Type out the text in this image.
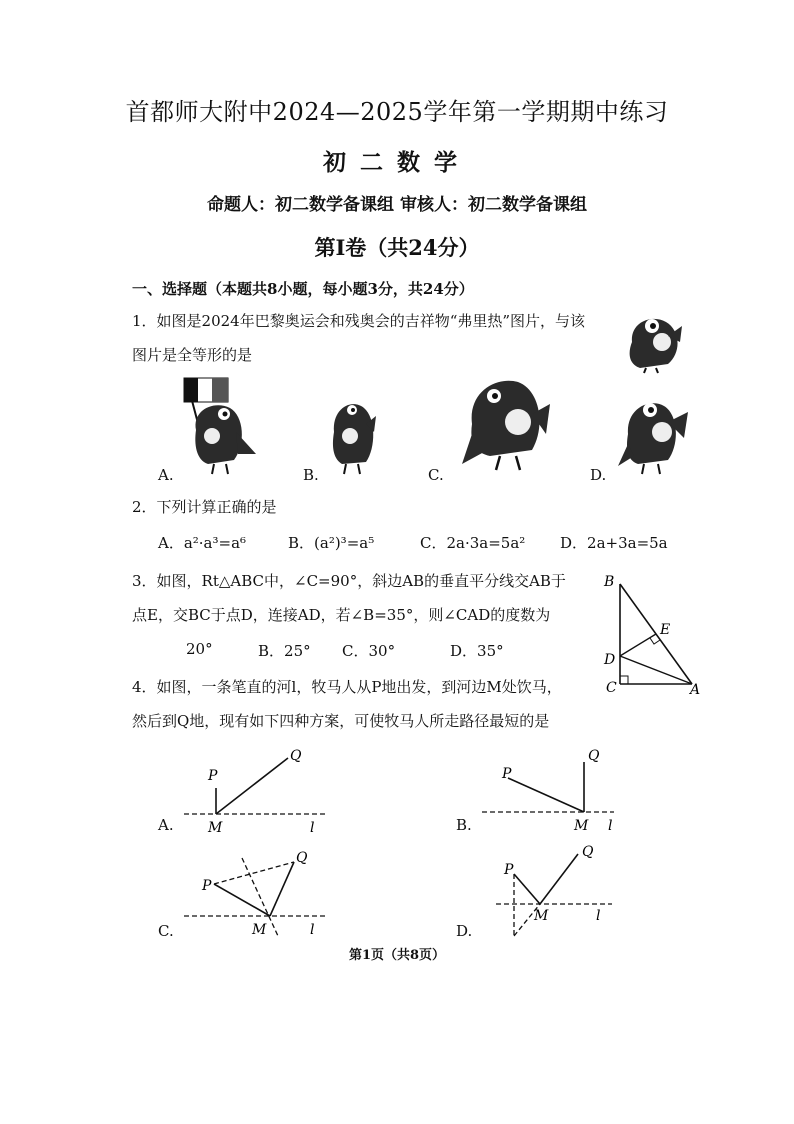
首都师大附中2024—2025学年第一学期期中练习
初二数学
命题人：初二数学备课组 审核人：初二数学备课组
第Ⅰ卷（共24分）
一、选择题（本题共8小题，每小题3分，共24分）
1．如图是2024年巴黎奥运会和残奥会的吉祥物“弗里热”图片，与该
图片是全等形的是
A.	B.	C.	D.
2．下列计算正确的是
A．a²·a³=a⁶	B．(a²)³=a⁵	C．2a·3a=5a² D．2a+3a=5a
3．如图，Rt△ABC中，∠C=90°，斜边AB的垂直平分线交AB于
点E，交BC于点D，连接AD，若∠B=35°，则∠CAD的度数为
20°	B．25° C．30°	D．35°
B
E
D
C	A
4．如图，一条笔直的河l，牧马人从P地出发，到河边M处饮马，
然后到Q地，现有如下四种方案，可使牧马人所走路径最短的是
P
Q
M	l
A.
P
Q
M l
B.
P
Q
M	l
C.
P
Q
M	l
D.
第1页（共8页）
